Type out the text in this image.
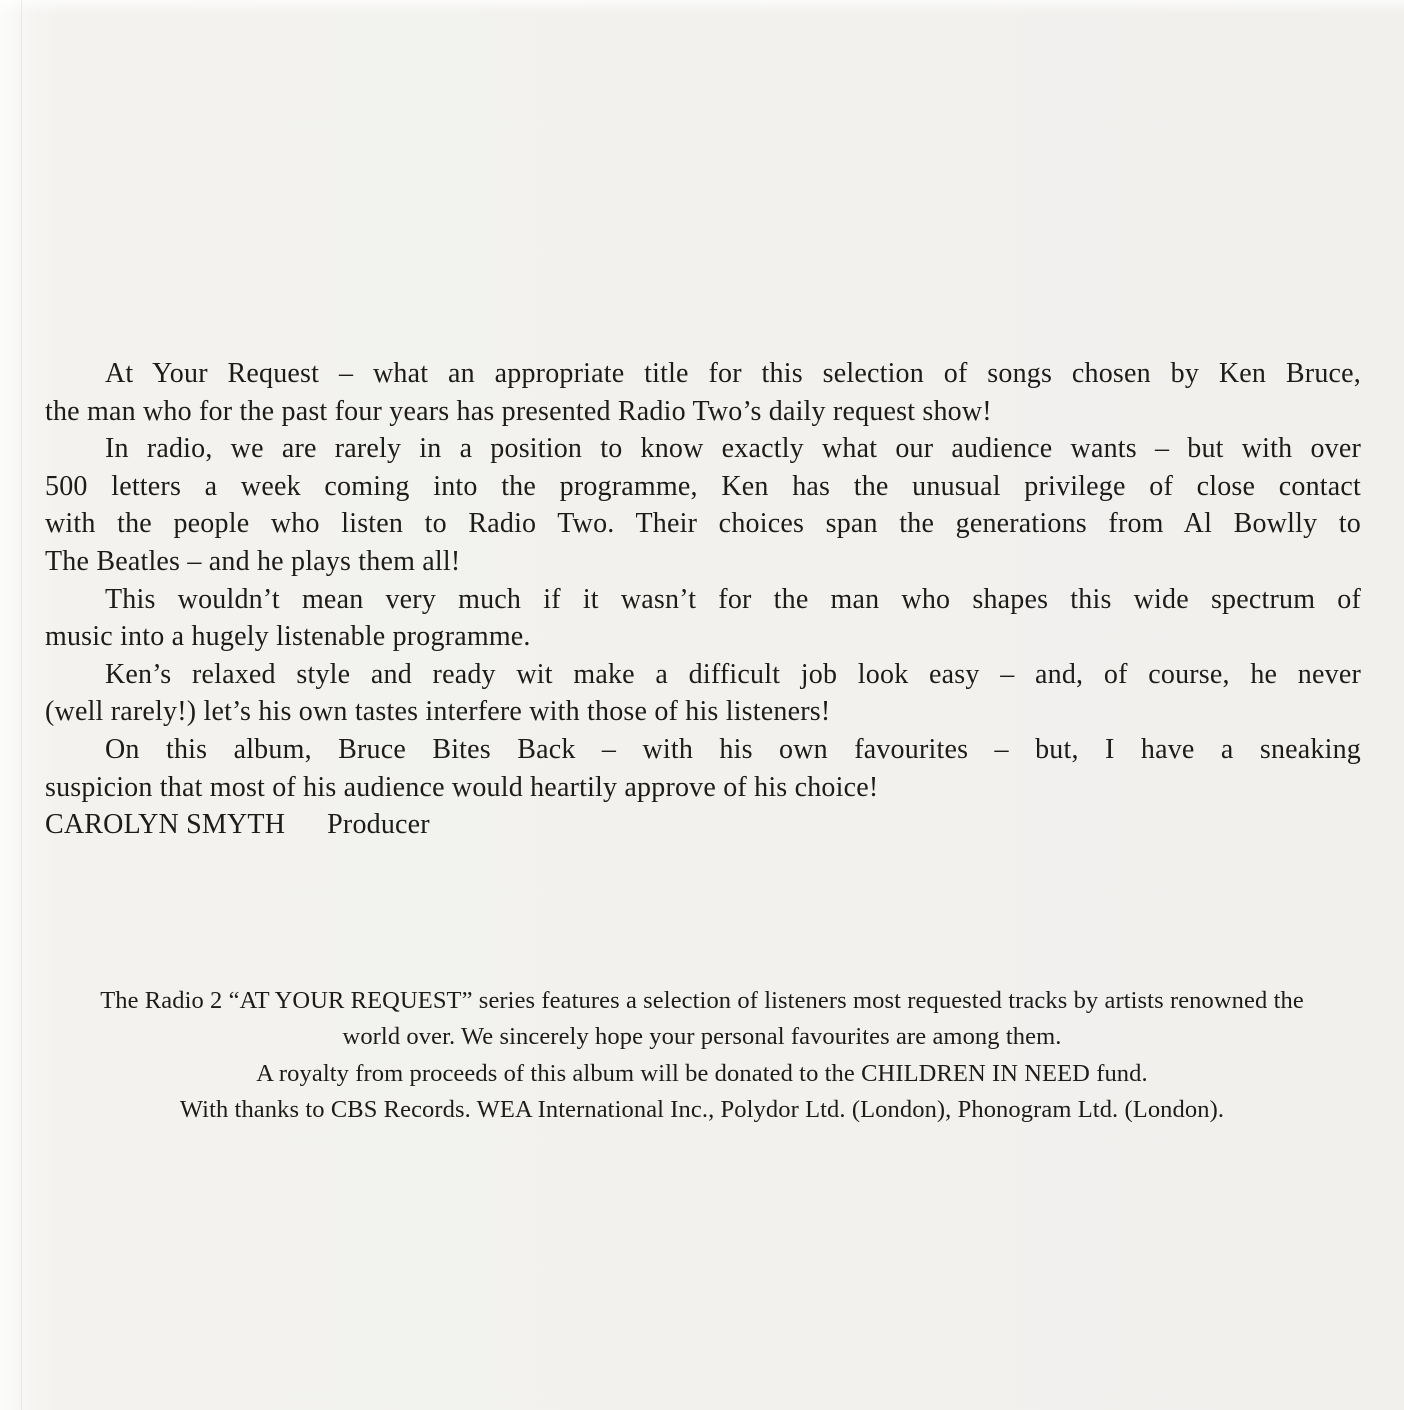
At Your Request – what an appropriate title for this selection of songs chosen by Ken Bruce,
the man who for the past four years has presented Radio Two’s daily request show!
In radio, we are rarely in a position to know exactly what our audience wants – but with over
500 letters a week coming into the programme, Ken has the unusual privilege of close contact
with the people who listen to Radio Two. Their choices span the generations from Al Bowlly to
The Beatles – and he plays them all!
This wouldn’t mean very much if it wasn’t for the man who shapes this wide spectrum of
music into a hugely listenable programme.
Ken’s relaxed style and ready wit make a difficult job look easy – and, of course, he never
(well rarely!) let’s his own tastes interfere with those of his listeners!
On this album, Bruce Bites Back – with his own favourites – but, I have a sneaking
suspicion that most of his audience would heartily approve of his choice!
CAROLYN SMYTH Producer
The Radio 2 “AT YOUR REQUEST” series features a selection of listeners most requested tracks by artists renowned the
world over. We sincerely hope your personal favourites are among them.
A royalty from proceeds of this album will be donated to the CHILDREN IN NEED fund.
With thanks to CBS Records. WEA International Inc., Polydor Ltd. (London), Phonogram Ltd. (London).
